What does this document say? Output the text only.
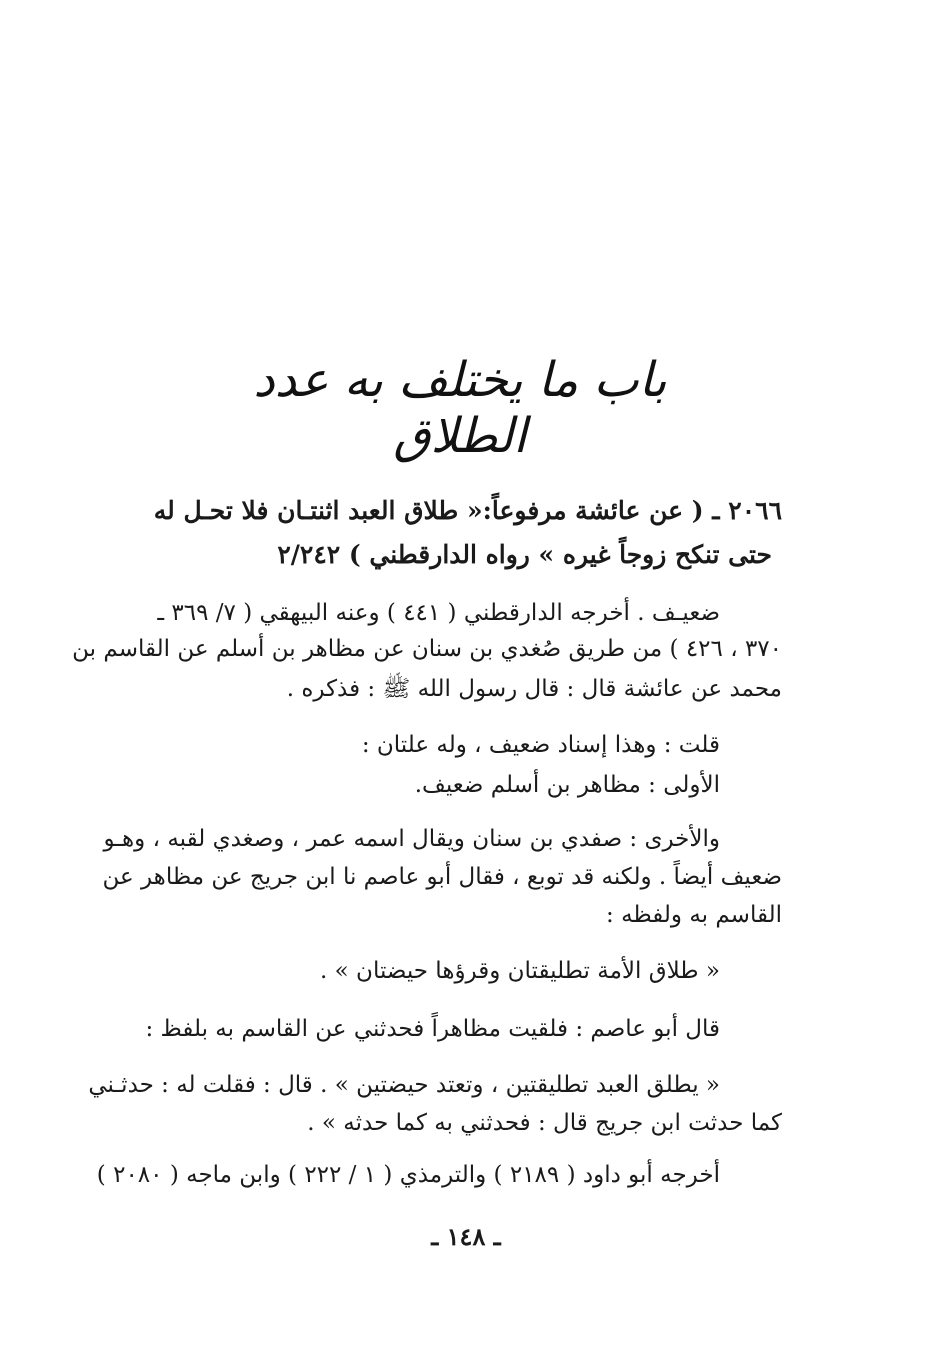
باب ما يختلف به عدد الطلاق
٢٠٦٦ ـ ( عن عائشة مرفوعاً:« طلاق العبد اثنتـان فلا تحـل له
حتى تنكح زوجاً غيره » رواه الدارقطني ) ٢/٢٤٢
ضعيـف . أخرجه الدارقطني ( ٤٤١ ) وعنه البيهقي ( ٧/ ٣٦٩ ـ
٣٧٠ ، ٤٢٦ ) من طريق صُغدي بن سنان عن مظاهر بن أسلم عن القاسم بن
محمد عن عائشة قال : قال رسول الله ﷺ : فذكره .
قلت : وهذا إسناد ضعيف ، وله علتان :
الأولى : مظاهر بن أسلم ضعيف.
والأخرى : صفدي بن سنان ويقال اسمه عمر ، وصغدي لقبه ، وهـو
ضعيف أيضاً . ولكنه قد توبع ، فقال أبو عاصم نا ابن جريج عن مظاهر عن
القاسم به ولفظه :
« طلاق الأمة تطليقتان وقرؤها حيضتان » .
قال أبو عاصم : فلقيت مظاهراً فحدثني عن القاسم به بلفظ :
« يطلق العبد تطليقتين ، وتعتد حيضتين » . قال : فقلت له : حدثـني
كما حدثت ابن جريج قال : فحدثني به كما حدثه » .
أخرجه أبو داود ( ٢١٨٩ ) والترمذي ( ١ / ٢٢٢ ) وابن ماجه ( ٢٠٨٠ )
ـ ١٤٨ ـ
